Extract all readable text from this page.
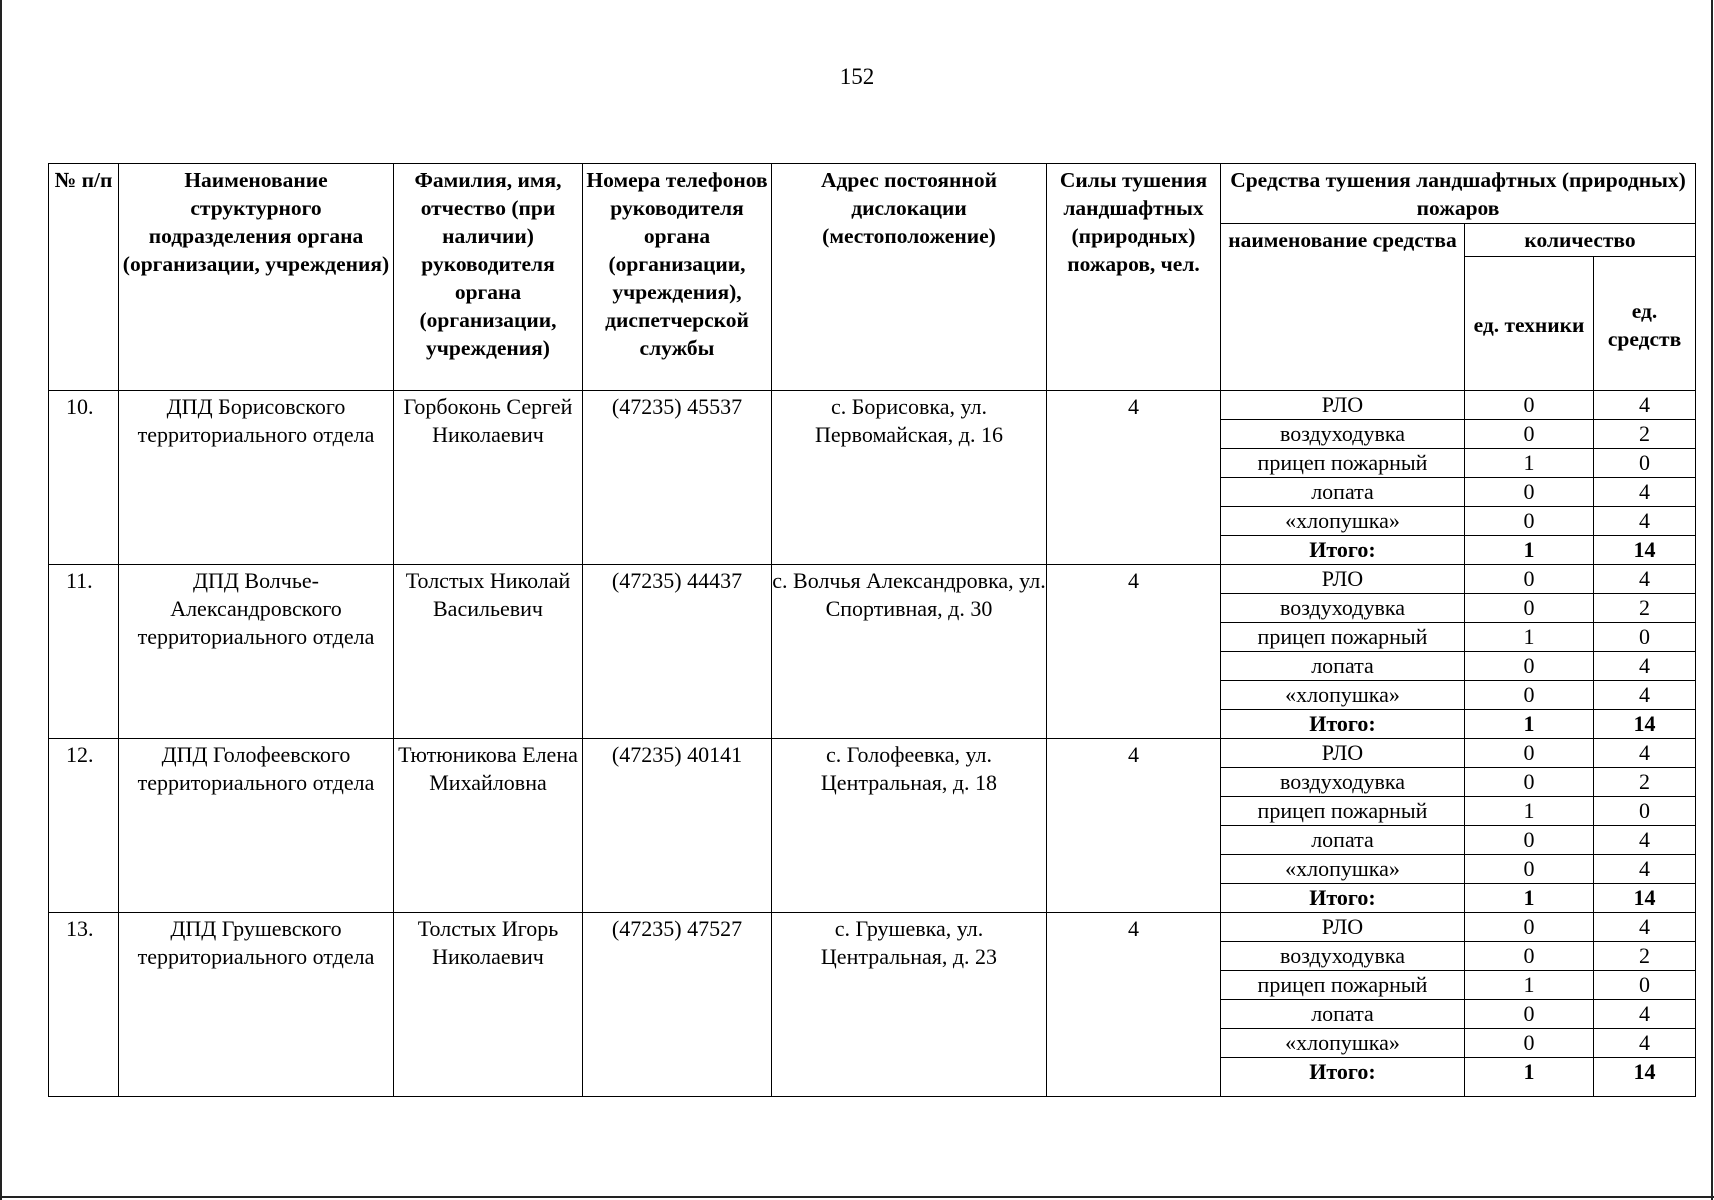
152
№ п/п	Наименование структурного подразделения органа (организации, учреждения)	Фамилия, имя, отчество (при наличии) руководителя органа (организации, учреждения)	Номера телефонов руководителя органа (организации, учреждения), диспетчерской службы	Адрес постоянной дислокации (местоположение)	Силы тушения ландшафтных (природных) пожаров, чел.	Средства тушения ландшафтных (природных) пожаров		
						наименование средства	количество	
							ед. техники	ед. средств
10.	ДПД Борисовского территориального отдела	Горбоконь Сергей Николаевич	(47235) 45537	с. Борисовка, ул. Первомайская, д. 16	4	РЛО	0	4
						воздуходувка	0	2
						прицеп пожарный	1	0
						лопата	0	4
						«хлопушка»	0	4
						Итого:	1	14
11.	ДПД Волчье-Александровского территориального отдела	Толстых Николай Васильевич	(47235) 44437	с. Волчья Александровка, ул. Спортивная, д. 30	4	РЛО	0	4
						воздуходувка	0	2
						прицеп пожарный	1	0
						лопата	0	4
						«хлопушка»	0	4
						Итого:	1	14
12.	ДПД Голофеевского территориального отдела	Тютюникова Елена Михайловна	(47235) 40141	с. Голофеевка, ул. Центральная, д. 18	4	РЛО	0	4
						воздуходувка	0	2
						прицеп пожарный	1	0
						лопата	0	4
						«хлопушка»	0	4
						Итого:	1	14
13.	ДПД Грушевского территориального отдела	Толстых Игорь Николаевич	(47235) 47527	с. Грушевка, ул. Центральная, д. 23	4	РЛО	0	4
						воздуходувка	0	2
						прицеп пожарный	1	0
						лопата	0	4
						«хлопушка»	0	4
						Итого:	1	14
